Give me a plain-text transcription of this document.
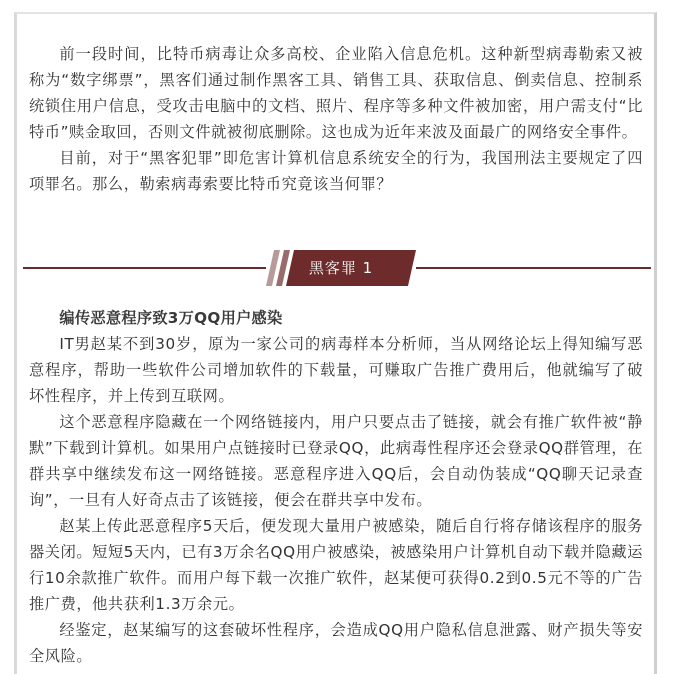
前一段时间，比特币病毒让众多高校、企业陷入信息危机。这种新型病毒勒索又被称为“数字绑票”，黑客们通过制作黑客工具、销售工具、获取信息、倒卖信息、控制系统锁住用户信息，受攻击电脑中的文档、照片、程序等多种文件被加密，用户需支付“比特币”赎金取回，否则文件就被彻底删除。这也成为近年来波及面最广的网络安全事件。

目前，对于“黑客犯罪”即危害计算机信息系统安全的行为，我国刑法主要规定了四项罪名。那么，勒索病毒索要比特币究竟该当何罪？

黑客罪 1

编传恶意程序致3万QQ用户感染

IT男赵某不到30岁，原为一家公司的病毒样本分析师，当从网络论坛上得知编写恶意程序，帮助一些软件公司增加软件的下载量，可赚取广告推广费用后，他就编写了破坏性程序，并上传到互联网。

这个恶意程序隐藏在一个网络链接内，用户只要点击了链接，就会有推广软件被“静默”下载到计算机。如果用户点链接时已登录QQ，此病毒性程序还会登录QQ群管理，在群共享中继续发布这一网络链接。恶意程序进入QQ后，会自动伪装成“QQ聊天记录查询”，一旦有人好奇点击了该链接，便会在群共享中发布。

赵某上传此恶意程序5天后，便发现大量用户被感染，随后自行将存储该程序的服务器关闭。短短5天内，已有3万余名QQ用户被感染，被感染用户计算机自动下载并隐藏运行10余款推广软件。而用户每下载一次推广软件，赵某便可获得0.2到0.5元不等的广告推广费，他共获利1.3万余元。

经鉴定，赵某编写的这套破坏性程序，会造成QQ用户隐私信息泄露、财产损失等安全风险。
